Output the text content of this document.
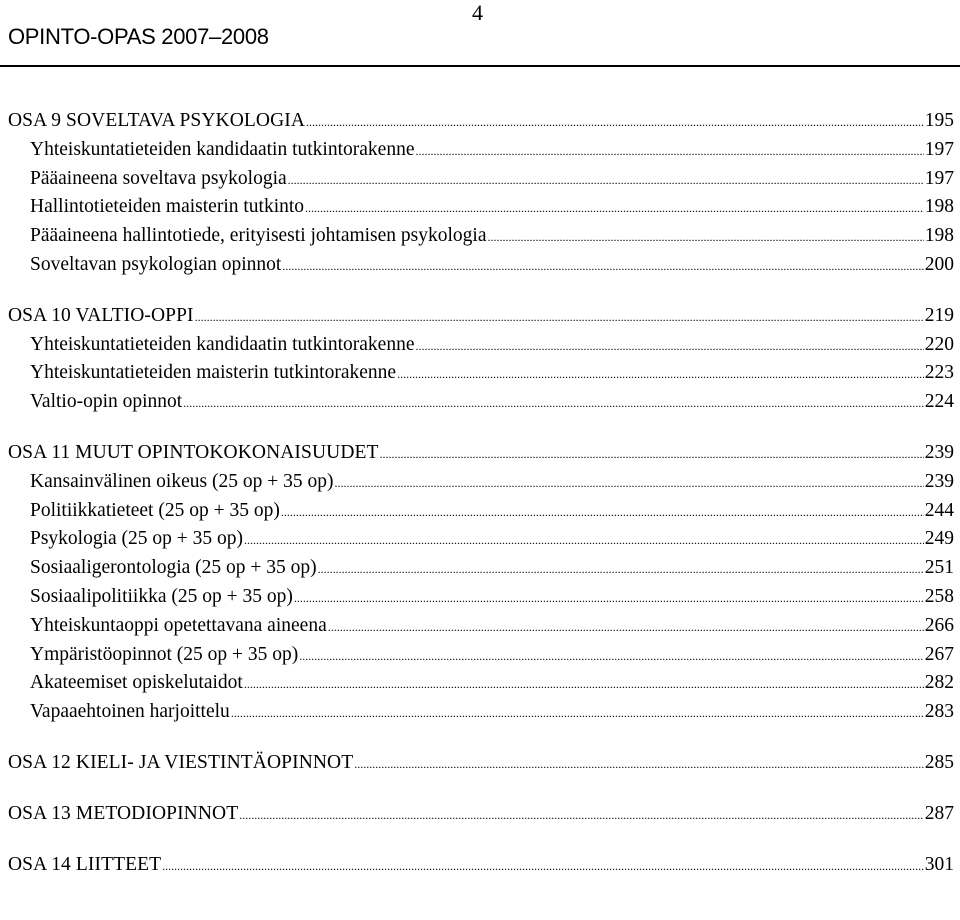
OPINTO-OPAS 2007–2008
4
OSA 9 SOVELTAVA PSYKOLOGIA .....	195
Yhteiskuntatieteiden kandidaatin tutkintorakenne .....	197
Pääaineena soveltava psykologia .....	197
Hallintotieteiden maisterin tutkinto .....	198
Pääaineena hallintotiede, erityisesti johtamisen psykologia .....	198
Soveltavan psykologian opinnot .....	200
OSA 10 VALTIO-OPPI .....	219
Yhteiskuntatieteiden kandidaatin tutkintorakenne .....	220
Yhteiskuntatieteiden maisterin tutkintorakenne .....	223
Valtio-opin opinnot .....	224
OSA 11 MUUT OPINTOKOKONAISUUDET .....	239
Kansainvälinen oikeus (25 op + 35 op) .....	239
Politiikkatieteet (25 op + 35 op) .....	244
Psykologia (25 op + 35 op) .....	249
Sosiaaligerontologia (25 op + 35 op) .....	251
Sosiaalipolitiikka (25 op + 35 op) .....	258
Yhteiskuntaoppi opetettavana aineena .....	266
Ympäristöopinnot (25 op + 35 op) .....	267
Akateemiset opiskelutaidot .....	282
Vapaaehtoinen harjoittelu .....	283
OSA 12 KIELI- JA VIESTINTÄOPINNOT .....	285
OSA 13 METODIOPINNOT .....	287
OSA 14 LIITTEET .....	301
